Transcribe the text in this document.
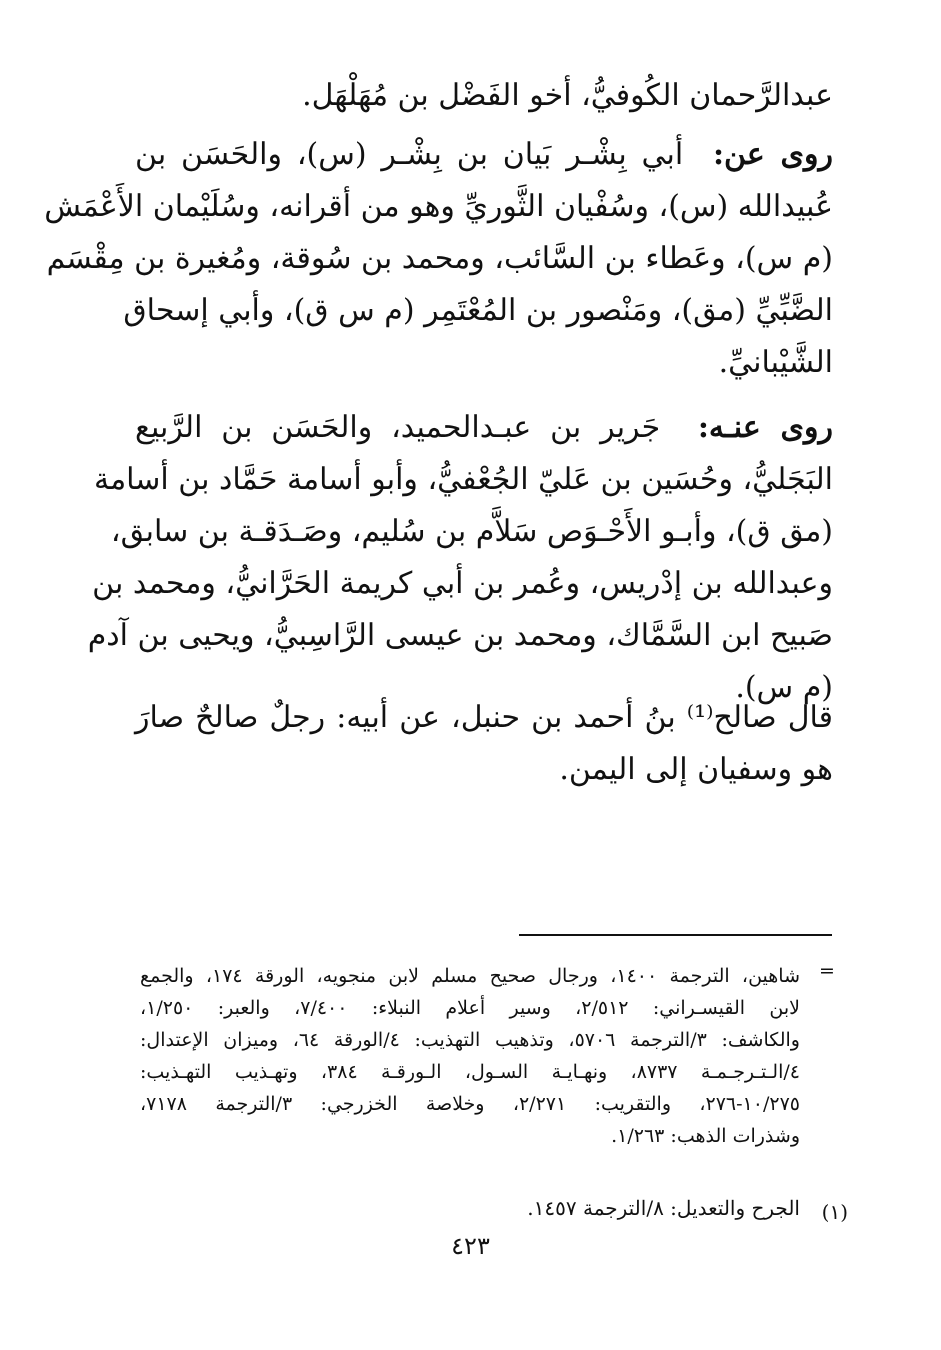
عبدالرَّحمان الكُوفيُّ، أخو الفَضْل بن مُهَلْهَل.
روى عن:  أبي بِشْـر بَيان بن بِشْـر (س)، والحَسَن بن
عُبيدالله (س)، وسُفْيان الثَّوريِّ وهو من أقرانه، وسُلَيْمان الأَعْمَش
(م س)، وعَطاء بن السَّائب، ومحمد بن سُوقة، ومُغيرة بن مِقْسَم
الضَّبِّيِّ (مق)، ومَنْصور بن المُعْتَمِر (م س ق)، وأبي إسحاق
الشَّيْبانيِّ.
روى عنـه:  جَرير بن عبـدالحميد، والحَسَن بن الرَّبيع
البَجَليُّ، وحُسَين بن عَليّ الجُعْفيُّ، وأبو أسامة حَمَّاد بن أسامة
(مق ق)، وأبـو الأَحْـوَص سَلاَّم بن سُليم، وصَـدَقـة بن سابق،
وعبدالله بن إدْريس، وعُمر بن أبي كريمة الحَرَّانيُّ، ومحمد بن
صَبيح ابن السَّمَّاك، ومحمد بن عيسى الرَّاسِبيُّ، ويحيى بن آدم
(م س).
قال صالح⁽¹⁾ بنُ أحمد بن حنبل، عن أبيه: رجلٌ صالحٌ صارَ
هو وسفيان إلى اليمن.
=
شاهين، الترجمة ١٤٠٠، ورجال صحيح مسلم لابن منجويه، الورقة ١٧٤، والجمع
لابن القيسـراني: ٢/٥١٢، وسير أعلام النبلاء: ٧/٤٠٠، والعبر: ١/٢٥٠،
والكاشف: ٣/الترجمة ٥٧٠٦، وتذهيب التهذيب: ٤/الورقة ٦٤، وميزان الإعتدال:
٤/الـتـرجـمـة ٨٧٣٧، ونهـايـة السـول، الـورقـة ٣٨٤، وتهـذيب التهـذيب:
١٠/٢٧٥-٢٧٦، والتقريب: ٢/٢٧١، وخلاصة الخزرجي: ٣/الترجمة ٧١٧٨،
وشذرات الذهب: ١/٢٦٣.
(١)
الجرح والتعديل: ٨/الترجمة ١٤٥٧.
٤٢٣
